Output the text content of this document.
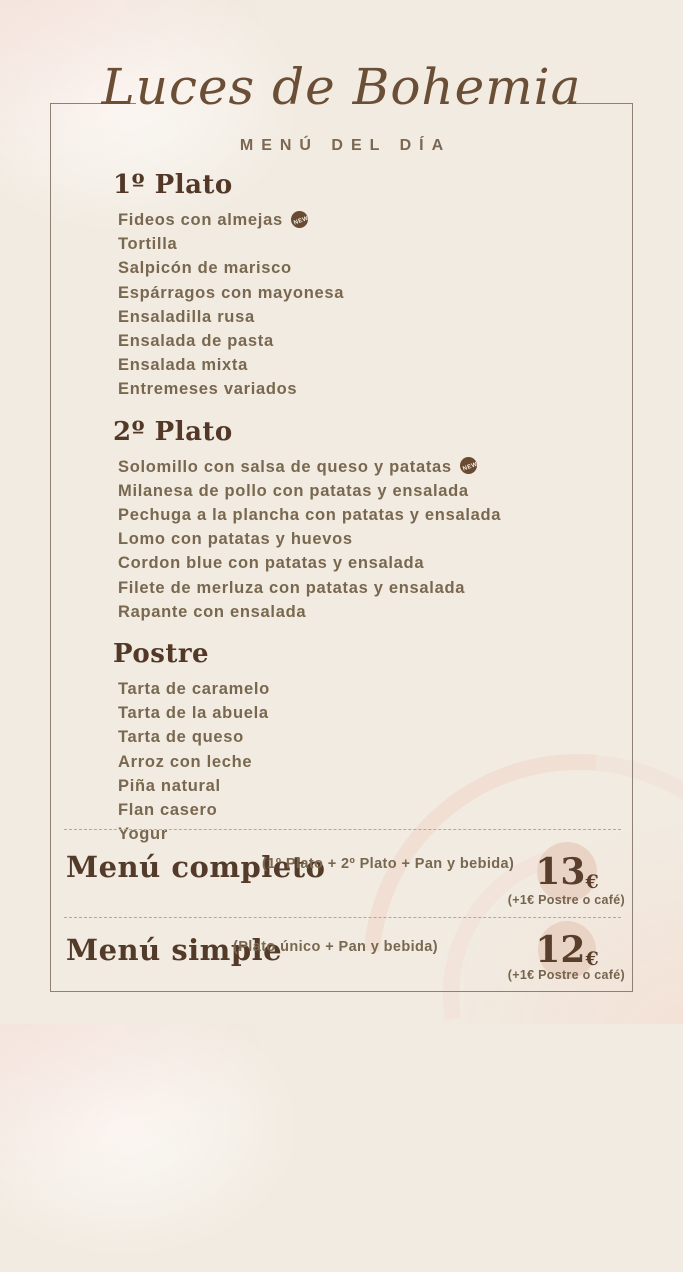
Luces de Bohemia
MENÚ DEL DÍA
1º Plato
Fideos con almejas	NEW
Tortilla
Salpicón de marisco
Espárragos con mayonesa
Ensaladilla rusa
Ensalada de pasta
Ensalada mixta
Entremeses variados
2º Plato
Solomillo con salsa de queso y patatas	NEW
Milanesa de pollo con patatas y ensalada
Pechuga a la plancha con patatas y ensalada
Lomo con patatas y huevos
Cordon blue con patatas y ensalada
Filete de merluza con patatas y ensalada
Rapante con ensalada
Postre
Tarta de caramelo
Tarta de la abuela
Tarta de queso
Arroz con leche
Piña natural
Flan casero
Yogur
Menú completo
(1º Plato + 2º Plato + Pan y bebida) 13 €
(+1€ Postre o café)
Menú simple
(Plato único + Pan y bebida)	12 €
(+1€ Postre o café)
